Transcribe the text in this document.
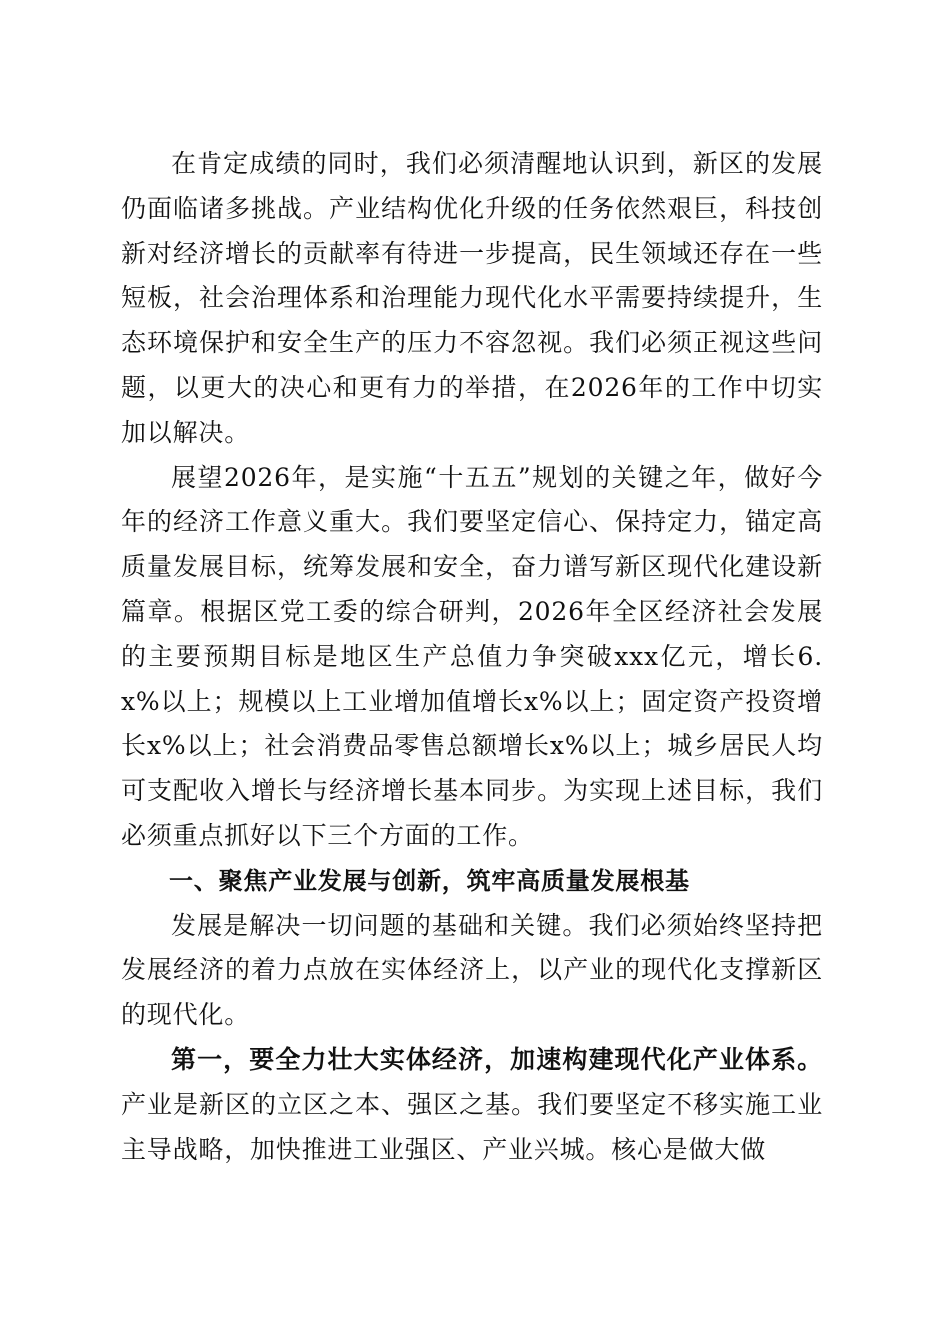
在肯定成绩的同时，我们必须清醒地认识到，新区的发展仍面临诸多挑战。产业结构优化升级的任务依然艰巨，科技创新对经济增长的贡献率有待进一步提高，民生领域还存在一些短板，社会治理体系和治理能力现代化水平需要持续提升，生态环境保护和安全生产的压力不容忽视。我们必须正视这些问题，以更大的决心和更有力的举措，在2026年的工作中切实加以解决。

展望2026年，是实施“十五五”规划的关键之年，做好今年的经济工作意义重大。我们要坚定信心、保持定力，锚定高质量发展目标，统筹发展和安全，奋力谱写新区现代化建设新篇章。根据区党工委的综合研判，2026年全区经济社会发展的主要预期目标是地区生产总值力争突破xxx亿元，增长6.x%以上；规模以上工业增加值增长x%以上；固定资产投资增长x%以上；社会消费品零售总额增长x%以上；城乡居民人均可支配收入增长与经济增长基本同步。为实现上述目标，我们必须重点抓好以下三个方面的工作。

一、聚焦产业发展与创新，筑牢高质量发展根基

发展是解决一切问题的基础和关键。我们必须始终坚持把发展经济的着力点放在实体经济上，以产业的现代化支撑新区的现代化。

第一，要全力壮大实体经济，加速构建现代化产业体系。产业是新区的立区之本、强区之基。我们要坚定不移实施工业主导战略，加快推进工业强区、产业兴城。核心是做大做
